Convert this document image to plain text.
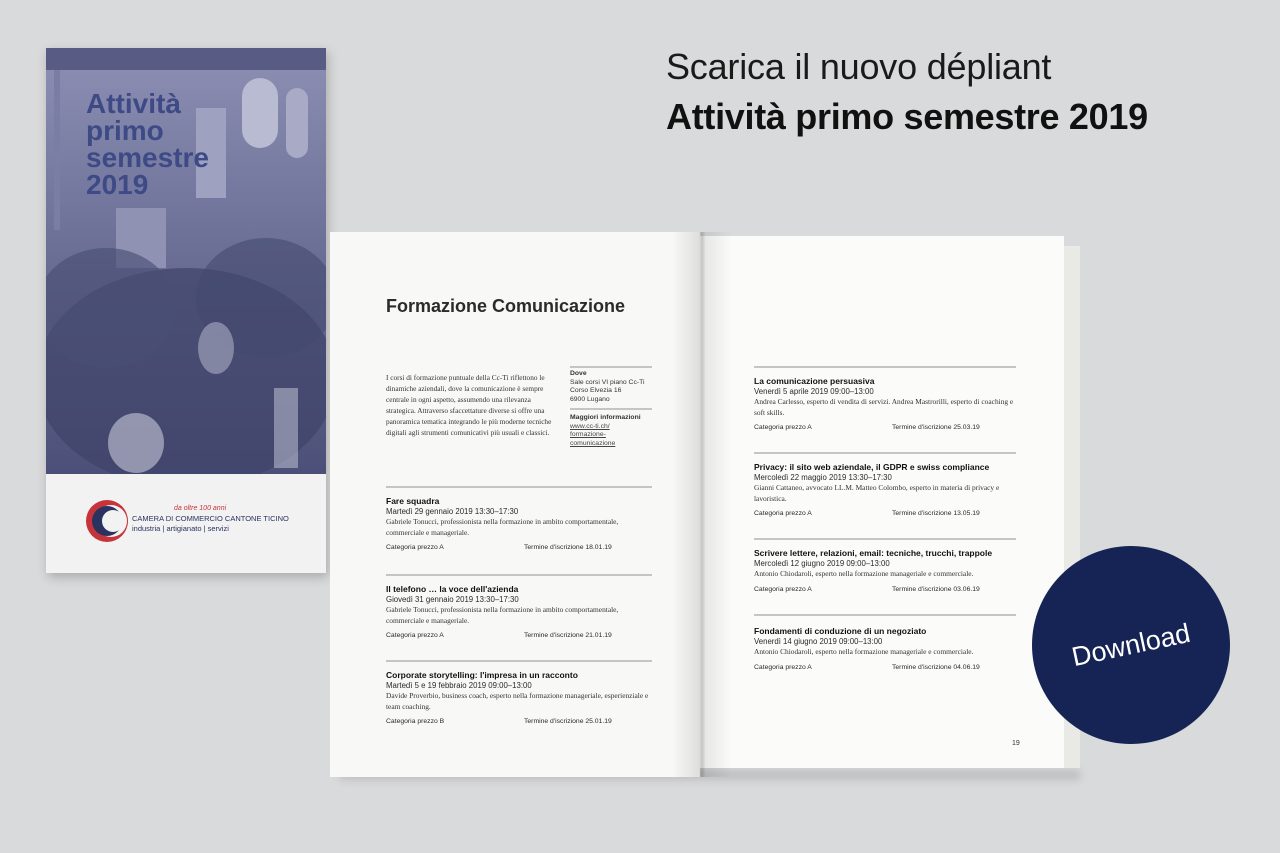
Scarica il nuovo dépliant
Attività primo semestre 2019
Attività
primo
semestre
2019
da oltre 100 anni
CAMERA DI COMMERCIO CANTONE TICINO
industria | artigianato | servizi
Formazione Comunicazione
I corsi di formazione puntuale della Cc-Ti riflettono le dinamiche aziendali, dove la comunicazione è sempre centrale in ogni aspetto, assumendo una rilevanza strategica. Attraverso sfaccettature diverse si offre una panoramica tematica integrando le più moderne tecniche digitali agli strumenti comunicativi più usuali e classici.
Dove
Sale corsi VI piano Cc-Ti
Corso Elvezia 16
6900 Lugano
Maggiori informazioni
www.cc-ti.ch/
formazione-
comunicazione
Fare squadra
Martedì 29 gennaio 2019 13:30–17:30
Gabriele Tonucci, professionista nella formazione in ambito comportamentale, commerciale e manageriale.
Categoria prezzo A	Termine d'iscrizione 18.01.19
Il telefono … la voce dell'azienda
Giovedì 31 gennaio 2019 13:30–17:30
Gabriele Tonucci, professionista nella formazione in ambito comportamentale, commerciale e manageriale.
Categoria prezzo A	Termine d'iscrizione 21.01.19
Corporate storytelling: l'impresa in un racconto
Martedì 5 e 19 febbraio 2019 09:00–13:00
Davide Proverbio, business coach, esperto nella formazione manageriale, esperienziale e team coaching.
Categoria prezzo B	Termine d'iscrizione 25.01.19
La comunicazione persuasiva
Venerdì 5 aprile 2019 09:00–13:00
Andrea Carlesso, esperto di vendita di servizi. Andrea Mastrorilli, esperto di coaching e soft skills.
Categoria prezzo A	Termine d'iscrizione 25.03.19
Privacy: il sito web aziendale, il GDPR e swiss compliance
Mercoledì 22 maggio 2019 13:30–17:30
Gianni Cattaneo, avvocato LL.M. Matteo Colombo, esperto in materia di privacy e lavoristica.
Categoria prezzo A	Termine d'iscrizione 13.05.19
Scrivere lettere, relazioni, email: tecniche, trucchi, trappole
Mercoledì 12 giugno 2019 09:00–13:00
Antonio Chiodaroli, esperto nella formazione manageriale e commerciale.
Categoria prezzo A	Termine d'iscrizione 03.06.19
Fondamenti di conduzione di un negoziato
Venerdì 14 giugno 2019 09:00–13:00
Antonio Chiodaroli, esperto nella formazione manageriale e commerciale.
Categoria prezzo A	Termine d'iscrizione 04.06.19
19
Download
